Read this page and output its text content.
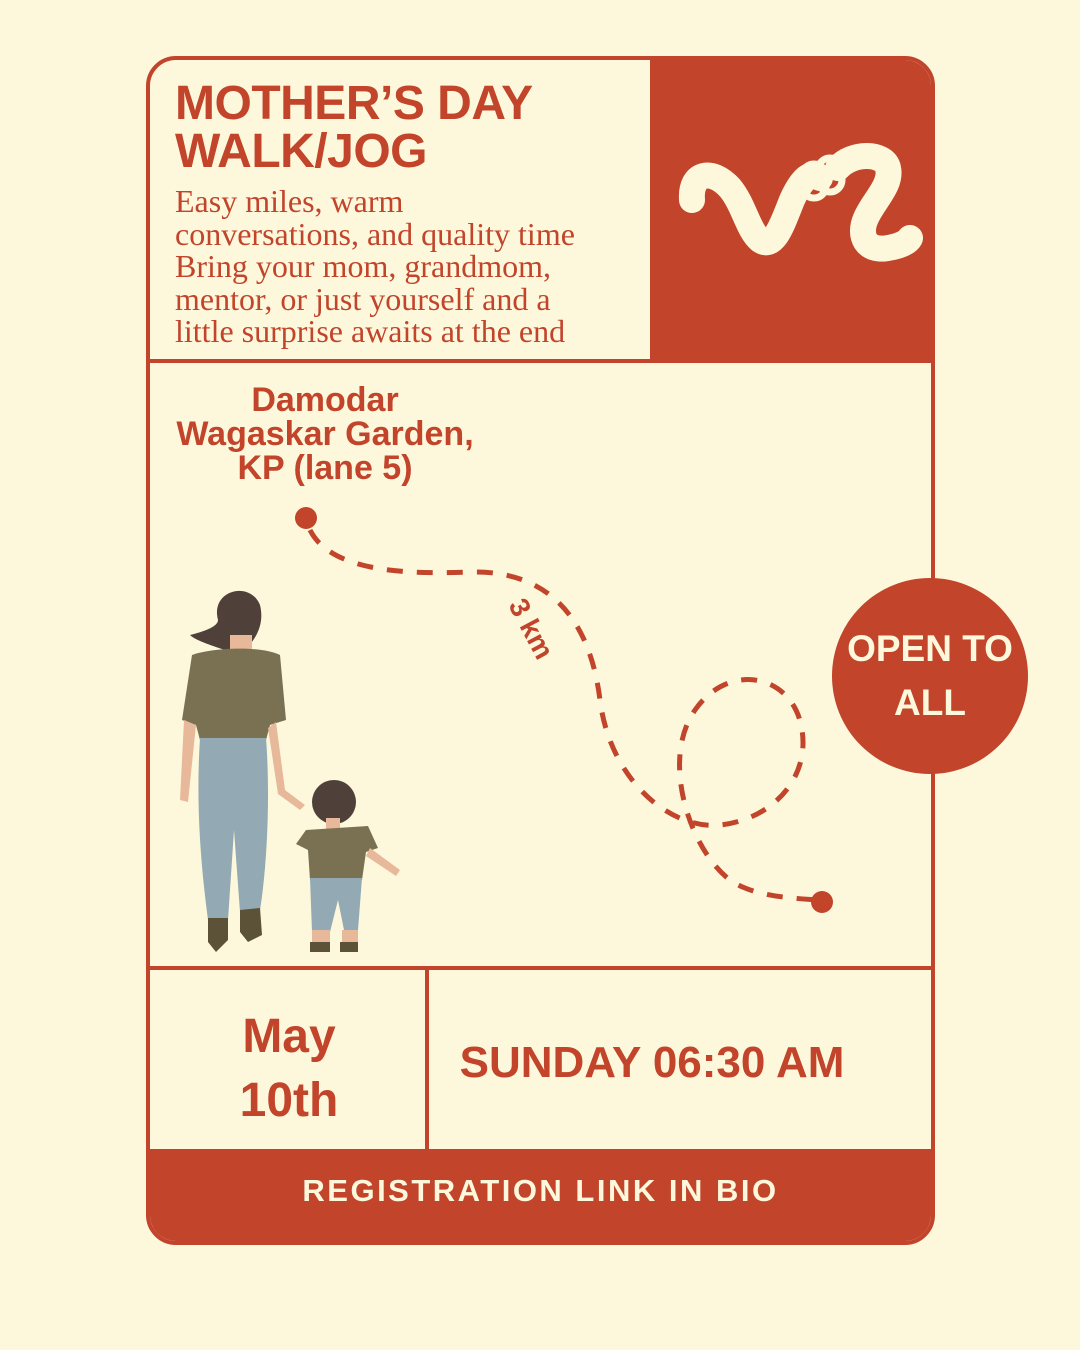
MOTHER’S DAY
WALK/JOG
Easy miles, warm
conversations, and quality time
Bring your mom, grandmom,
mentor, or just yourself and a
little surprise awaits at the end
Damodar
Wagaskar Garden,
KP (lane 5)
3 km
May
10th
SUNDAY 06:30 AM
REGISTRATION LINK IN BIO
OPEN TO
ALL
